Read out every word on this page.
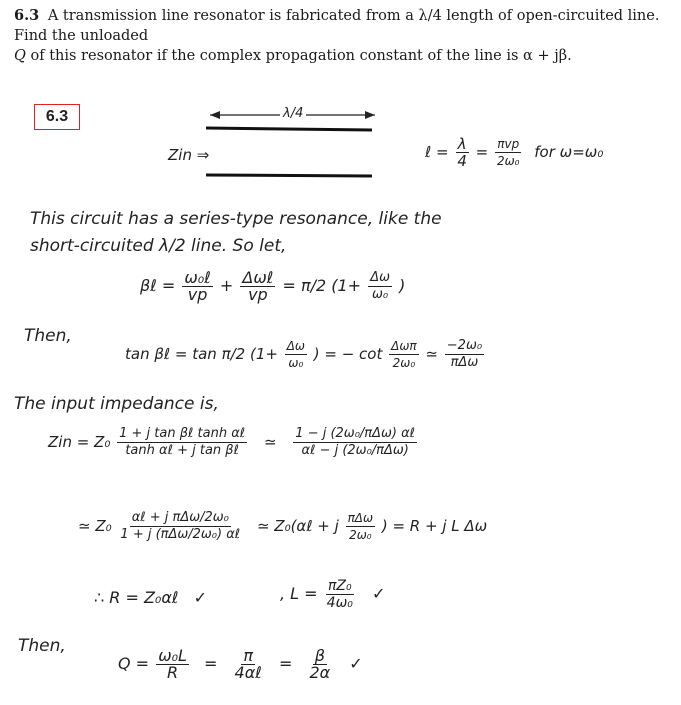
6.3 A transmission line resonator is fabricated from a λ/4 length of open-circuited line. Find the unloaded
Q of this resonator if the complex propagation constant of the line is α + jβ.
6.3	λ/4
Zin ⇒	ℓ = $\frac{\lambda}{4} = \frac{\text{πvp}}{\text{2ω₀}}$ for ω=ω₀
This circuit has a series-type resonance, like the
short-circuited λ/2 line. So let,
βℓ = $\frac{\text{ω₀ℓ}}{vp} + \frac{\text{Δωℓ}}{vp} = \pi/2$ ($1+ \frac{\Delta\omega}{\text{ω₀}}$ )
Then,
tan βℓ = tan π/2 ($1+ \frac{\Delta\omega}{\text{ω₀}}$ ) = − $\cot \frac{\text{Δωπ}}{\text{2ω₀}}$ ≃ $\frac{\text{−2ω₀}}{\text{πΔω}}$
The input impedance is,
Zin = $Z_0 \frac{\text{1 + j tan βℓ tanh αℓ}}{\text{tanh αℓ + j tan βℓ}}$ ≃ $\frac{\text{1 − j (2ω₀/πΔω) αℓ}}{\text{αℓ − j (2ω₀/πΔω)}}$
≃ $Z_0 \frac{\text{αℓ + j πΔω/2ω₀}}{\text{1 + j (πΔω/2ω₀) αℓ}}$ ≃ Z₀(αℓ + j $\frac{\text{πΔω}}{\text{2ω₀}}$ ) = R + j L Δω
∴ R = Z₀αℓ ✓	, $L = \frac{\text{πZ₀}}{\text{4ω₀}}$ ✓
Then,
$Q = \frac{\text{ω₀L}}{R} = \frac{\pi}{\text{4αℓ}} = \frac{\beta}{2\alpha}$ ✓
